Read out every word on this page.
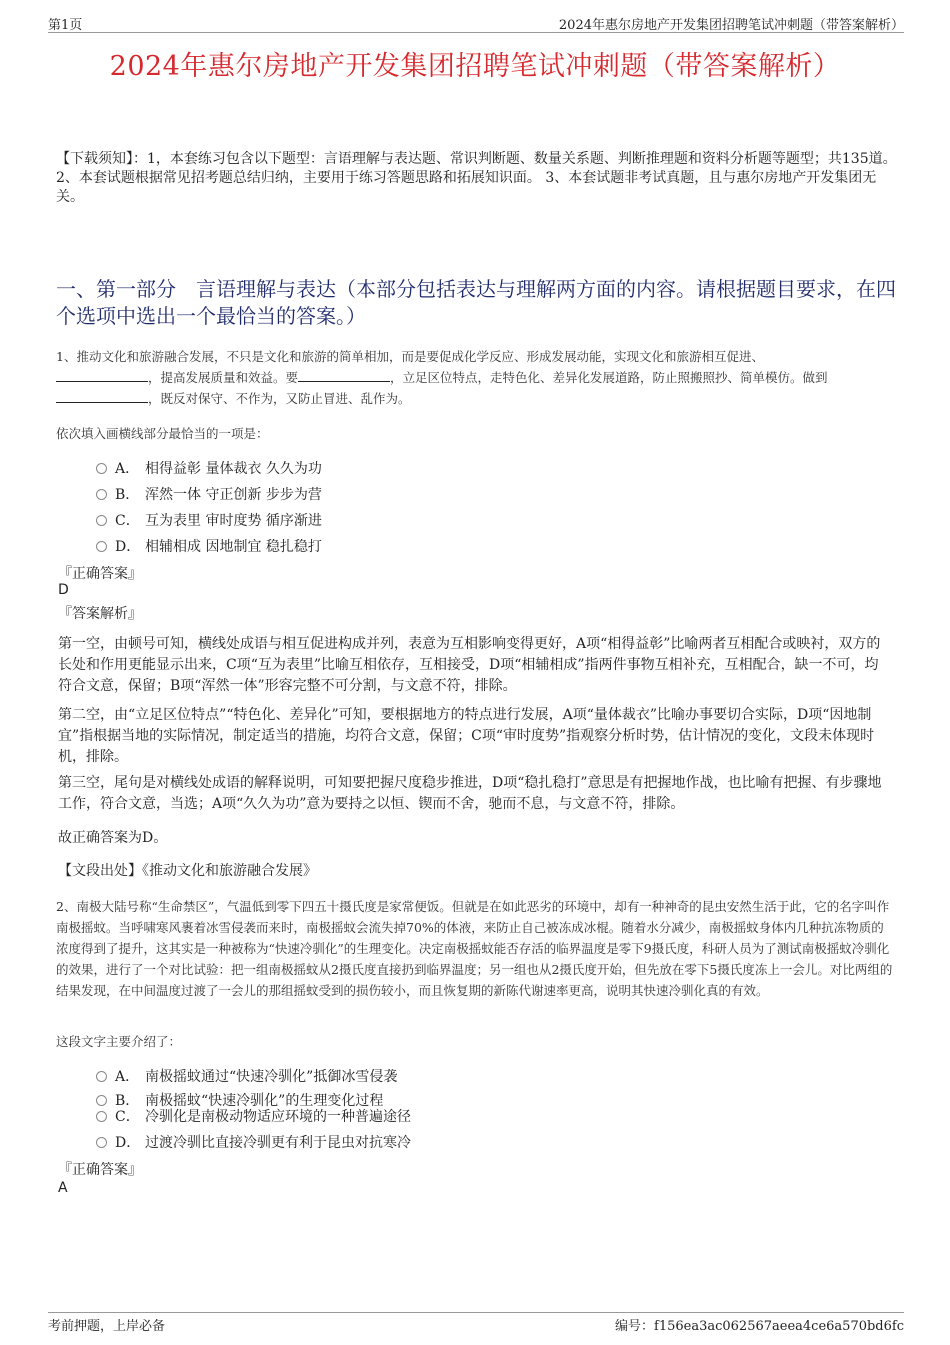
第1页	2024年惠尔房地产开发集团招聘笔试冲刺题（带答案解析）
2024年惠尔房地产开发集团招聘笔试冲刺题（带答案解析）
【下载须知】：1，本套练习包含以下题型：言语理解与表达题、常识判断题、数量关系题、判断推理题和资料分析题等题型；共135道。 2、本套试题根据常见招考题总结归纳，主要用于练习答题思路和拓展知识面。 3、本套试题非考试真题，且与惠尔房地产开发集团无关。
一、第一部分　言语理解与表达（本部分包括表达与理解两方面的内容。请根据题目要求，在四个选项中选出一个最恰当的答案。）
1、推动文化和旅游融合发展，不只是文化和旅游的简单相加，而是要促成化学反应、形成发展动能，实现文化和旅游相互促进、
，提高发展质量和效益。要	，立足区位特点，走特色化、差异化发展道路，防止照搬照抄、简单模仿。做到
，既反对保守、不作为，又防止冒进、乱作为。
依次填入画横线部分最恰当的一项是：
A． 相得益彰 量体裁衣 久久为功
B． 浑然一体 守正创新 步步为营
C． 互为表里 审时度势 循序渐进
D． 相辅相成 因地制宜 稳扎稳打
『正确答案』
D
『答案解析』
第一空，由顿号可知，横线处成语与相互促进构成并列，表意为互相影响变得更好，A项“相得益彰”比喻两者互相配合或映衬，双方的长处和作用更能显示出来，C项“互为表里”比喻互相依存，互相接受，D项“相辅相成”指两件事物互相补充，互相配合，缺一不可，均符合文意，保留；B项“浑然一体”形容完整不可分割，与文意不符，排除。
第二空，由“立足区位特点”“特色化、差异化”可知，要根据地方的特点进行发展，A项“量体裁衣”比喻办事要切合实际，D项“因地制宜”指根据当地的实际情况，制定适当的措施，均符合文意，保留；C项“审时度势”指观察分析时势，估计情况的变化，文段未体现时机，排除。
第三空，尾句是对横线处成语的解释说明，可知要把握尺度稳步推进，D项“稳扎稳打”意思是有把握地作战，也比喻有把握、有步骤地工作，符合文意，当选；A项“久久为功”意为要持之以恒、锲而不舍，驰而不息，与文意不符，排除。
故正确答案为D。
【文段出处】《推动文化和旅游融合发展》
2、南极大陆号称“生命禁区”，气温低到零下四五十摄氏度是家常便饭。但就是在如此恶劣的环境中，却有一种神奇的昆虫安然生活于此，它的名字叫作南极摇蚊。当呼啸寒风裹着冰雪侵袭而来时，南极摇蚊会流失掉70%的体液，来防止自己被冻成冰棍。随着水分减少，南极摇蚊身体内几种抗冻物质的浓度得到了提升，这其实是一种被称为“快速冷驯化”的生理变化。决定南极摇蚊能否存活的临界温度是零下9摄氏度，科研人员为了测试南极摇蚊冷驯化的效果，进行了一个对比试验：把一组南极摇蚊从2摄氏度直接扔到临界温度；另一组也从2摄氏度开始，但先放在零下5摄氏度冻上一会儿。对比两组的结果发现，在中间温度过渡了一会儿的那组摇蚊受到的损伤较小，而且恢复期的新陈代谢速率更高，说明其快速冷驯化真的有效。
这段文字主要介绍了：
A． 南极摇蚊通过“快速冷驯化”抵御冰雪侵袭
B． 南极摇蚊“快速冷驯化”的生理变化过程
C． 冷驯化是南极动物适应环境的一种普遍途径
D． 过渡冷驯比直接冷驯更有利于昆虫对抗寒冷
『正确答案』
A
考前押题，上岸必备	编号：f156ea3ac062567aeea4ce6a570bd6fc
